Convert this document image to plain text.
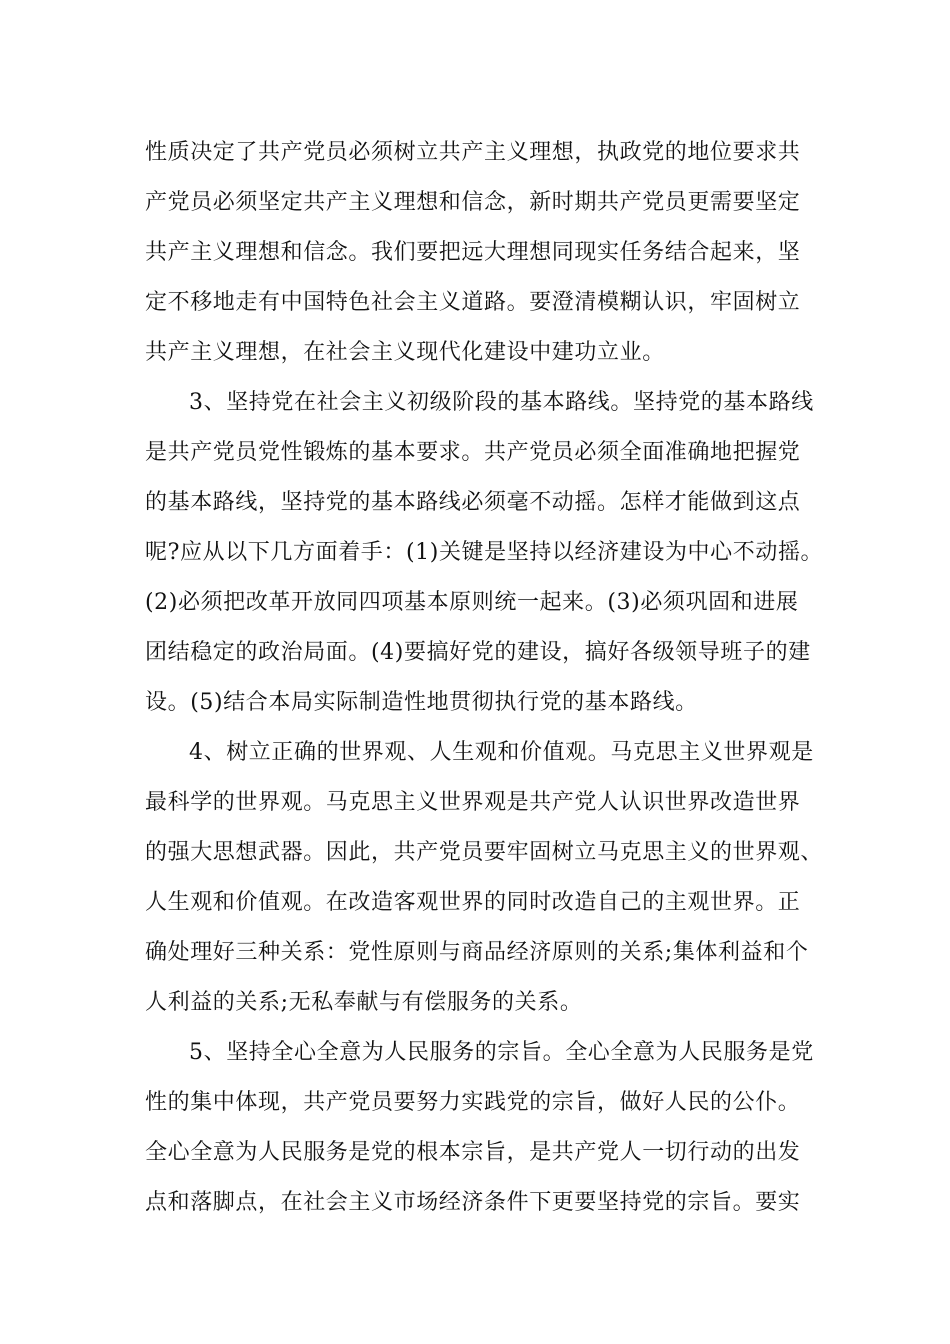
性质决定了共产党员必须树立共产主义理想，执政党的地位要求共
产党员必须坚定共产主义理想和信念，新时期共产党员更需要坚定
共产主义理想和信念。我们要把远大理想同现实任务结合起来，坚
定不移地走有中国特色社会主义道路。要澄清模糊认识，牢固树立
共产主义理想，在社会主义现代化建设中建功立业。
3、坚持党在社会主义初级阶段的基本路线。坚持党的基本路线
是共产党员党性锻炼的基本要求。共产党员必须全面准确地把握党
的基本路线，坚持党的基本路线必须毫不动摇。怎样才能做到这点
呢?应从以下几方面着手：(1)关键是坚持以经济建设为中心不动摇。
(2)必须把改革开放同四项基本原则统一起来。(3)必须巩固和进展
团结稳定的政治局面。(4)要搞好党的建设，搞好各级领导班子的建
设。(5)结合本局实际制造性地贯彻执行党的基本路线。
4、树立正确的世界观、人生观和价值观。马克思主义世界观是
最科学的世界观。马克思主义世界观是共产党人认识世界改造世界
的强大思想武器。因此，共产党员要牢固树立马克思主义的世界观、
人生观和价值观。在改造客观世界的同时改造自己的主观世界。正
确处理好三种关系：党性原则与商品经济原则的关系;集体利益和个
人利益的关系;无私奉献与有偿服务的关系。
5、坚持全心全意为人民服务的宗旨。全心全意为人民服务是党
性的集中体现，共产党员要努力实践党的宗旨，做好人民的公仆。
全心全意为人民服务是党的根本宗旨，是共产党人一切行动的出发
点和落脚点，在社会主义市场经济条件下更要坚持党的宗旨。要实
